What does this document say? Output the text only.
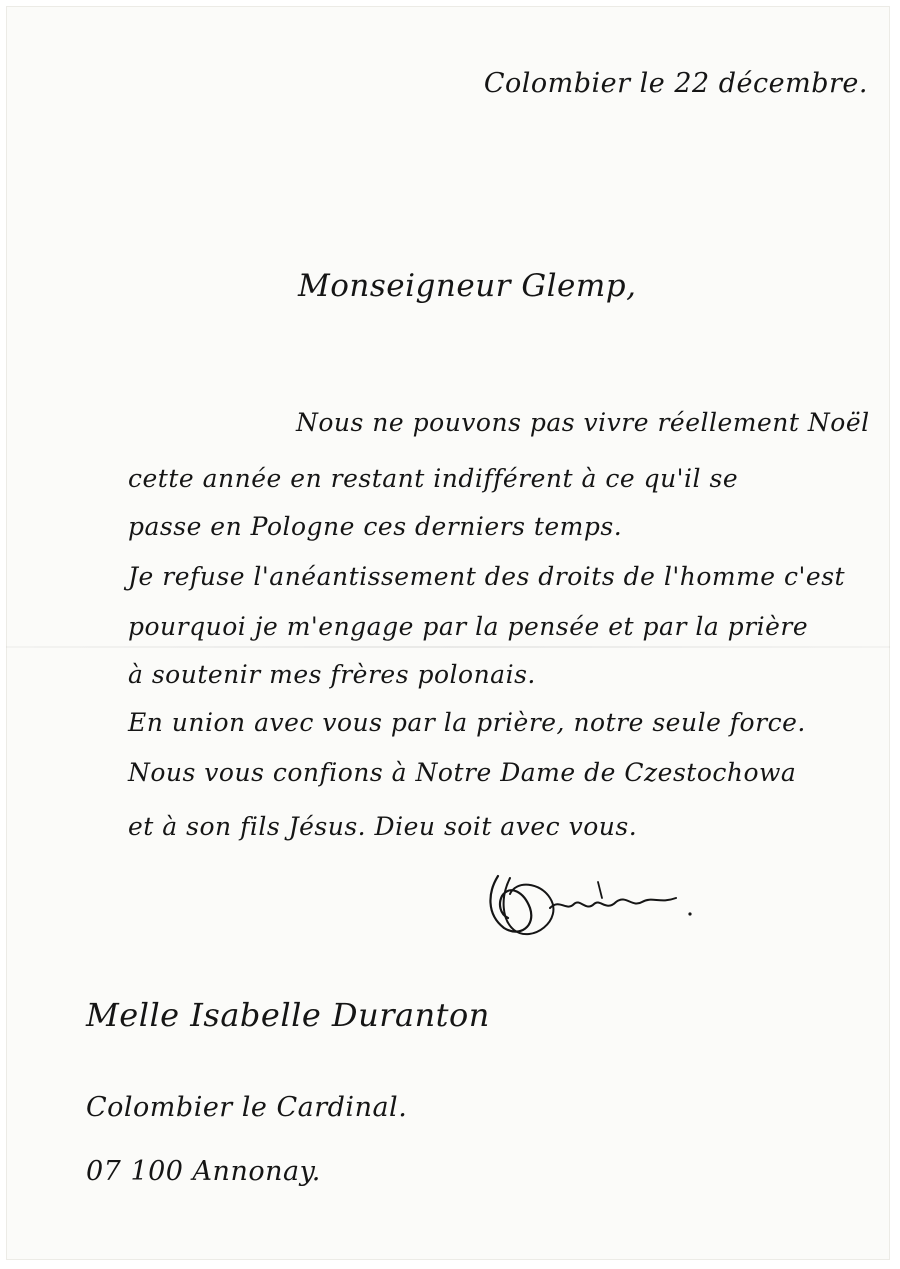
Colombier le 22 décembre.
Monseigneur Glemp,
Nous ne pouvons pas vivre réellement Noël
cette année en restant indifférent à ce qu'il se
passe en Pologne ces derniers temps.
Je refuse l'anéantissement des droits de l'homme c'est
pourquoi je m'engage par la pensée et par la prière
à soutenir mes frères polonais.
En union avec vous par la prière, notre seule force.
Nous vous confions à Notre Dame de Czestochowa
et à son fils Jésus. Dieu soit avec vous.
Melle Isabelle Duranton
Colombier le Cardinal.
07 100 Annonay.
